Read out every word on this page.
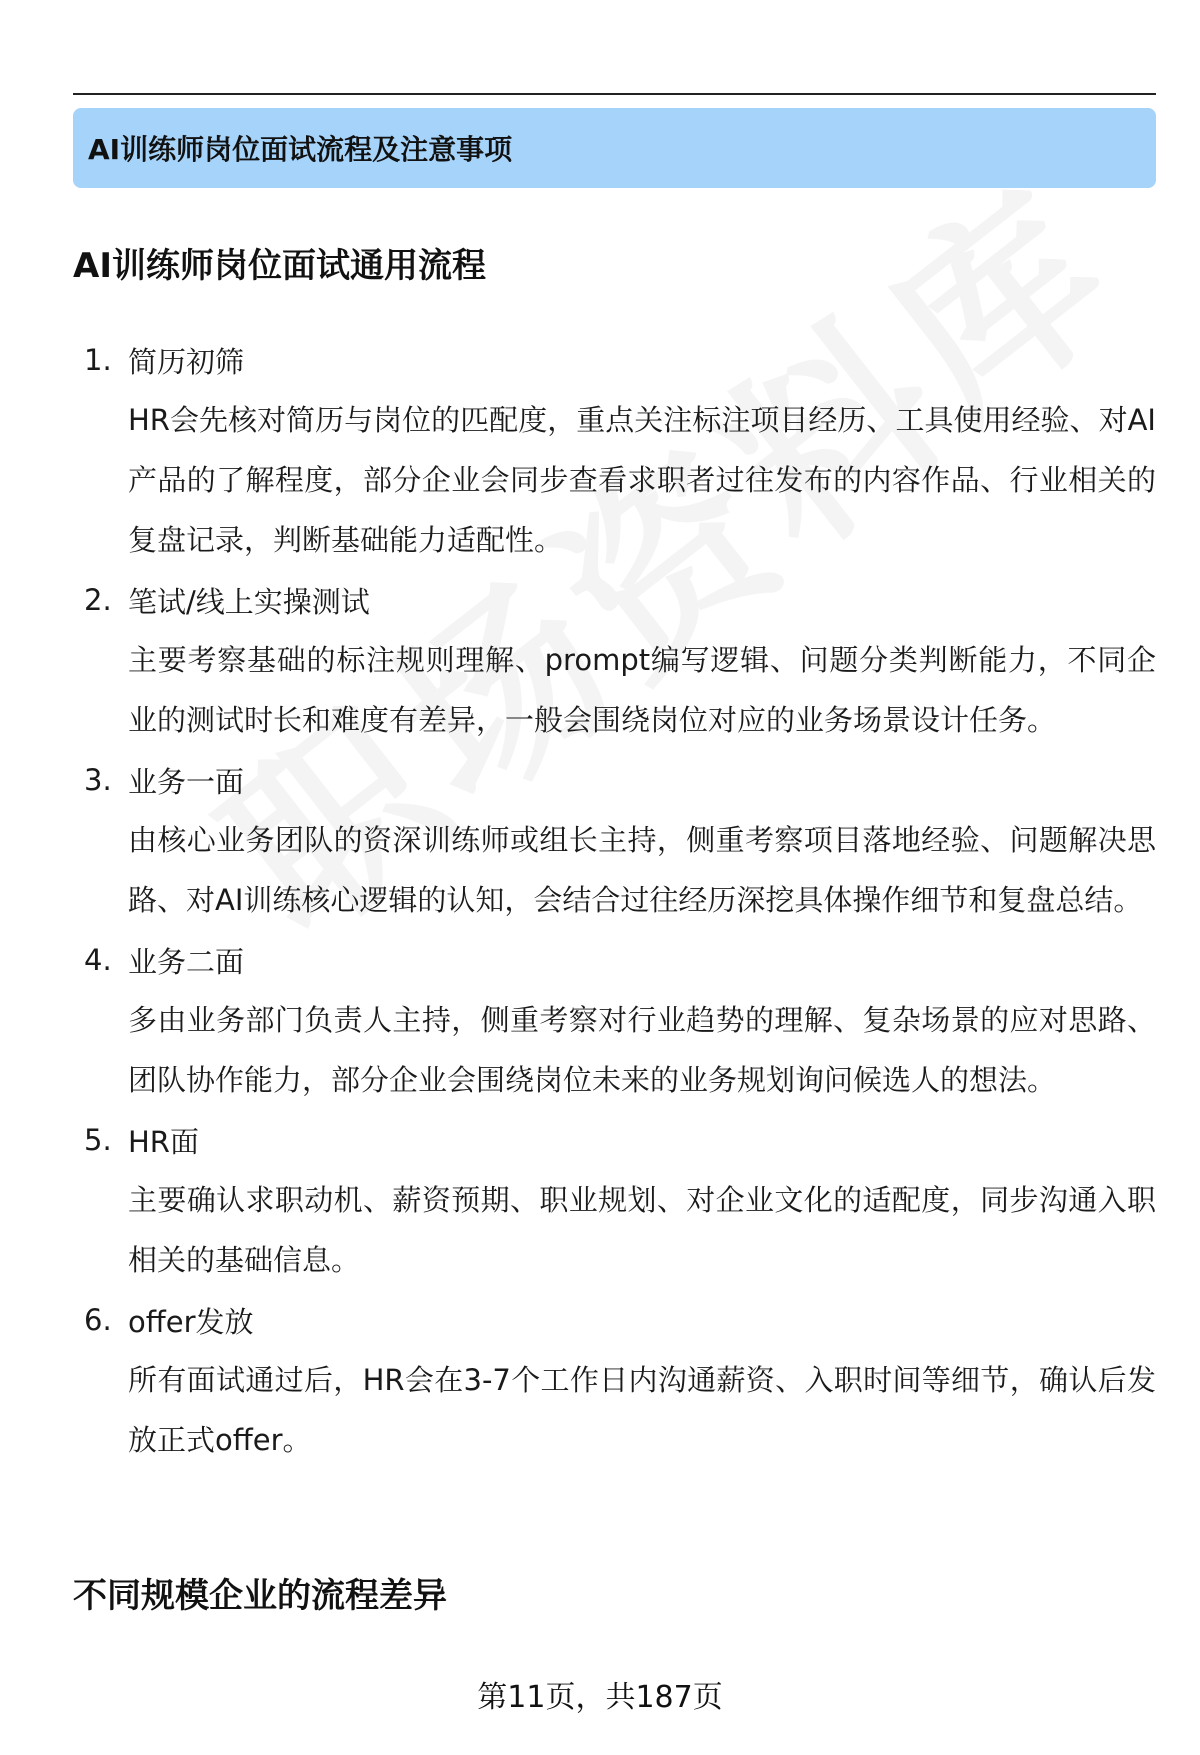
AI训练师岗位面试流程及注意事项
AI训练师岗位面试通用流程
1. 简历初筛

HR会先核对简历与岗位的匹配度，重点关注标注项目经历、工具使用经验、对AI产品的了解程度，部分企业会同步查看求职者过往发布的内容作品、行业相关的复盘记录，判断基础能力适配性。

2. 笔试/线上实操测试

主要考察基础的标注规则理解、prompt编写逻辑、问题分类判断能力，不同企业的测试时长和难度有差异，一般会围绕岗位对应的业务场景设计任务。

3. 业务一面

由核心业务团队的资深训练师或组长主持，侧重考察项目落地经验、问题解决思路、对AI训练核心逻辑的认知，会结合过往经历深挖具体操作细节和复盘总结。

4. 业务二面

多由业务部门负责人主持，侧重考察对行业趋势的理解、复杂场景的应对思路、团队协作能力，部分企业会围绕岗位未来的业务规划询问候选人的想法。

5. HR面

主要确认求职动机、薪资预期、职业规划、对企业文化的适配度，同步沟通入职相关的基础信息。

6. offer发放

所有面试通过后，HR会在3-7个工作日内沟通薪资、入职时间等细节，确认后发放正式offer。

不同规模企业的流程差异
第11页，共187页
